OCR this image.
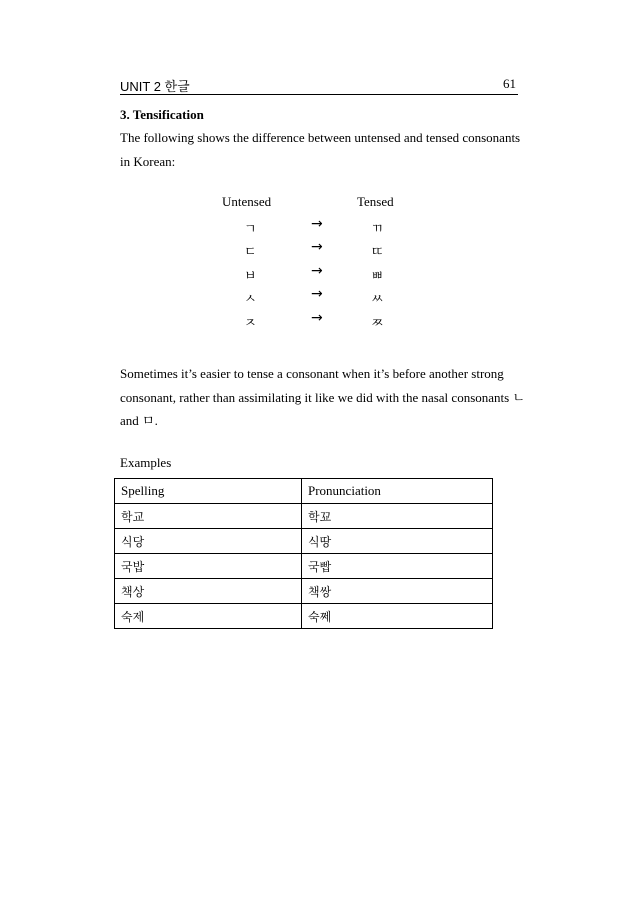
UNIT 2 한글	61
3. Tensification
The following shows the difference between untensed and tensed consonants in Korean:
Untensed	Tensed
ㄱ	→	ㄲ
ㄷ	→	ㄸ
ㅂ	→	ㅃ
ㅅ	→	ㅆ
ㅈ	→	ㅉ
Sometimes it’s easier to tense a consonant when it’s before another strong consonant, rather than assimilating it like we did with the nasal consonants ㄴ and ㅁ.
Examples
Spelling	Pronunciation
학교	학꾜
식당	식땅
국밥	국빱
책상	책쌍
숙제	숙쩨
